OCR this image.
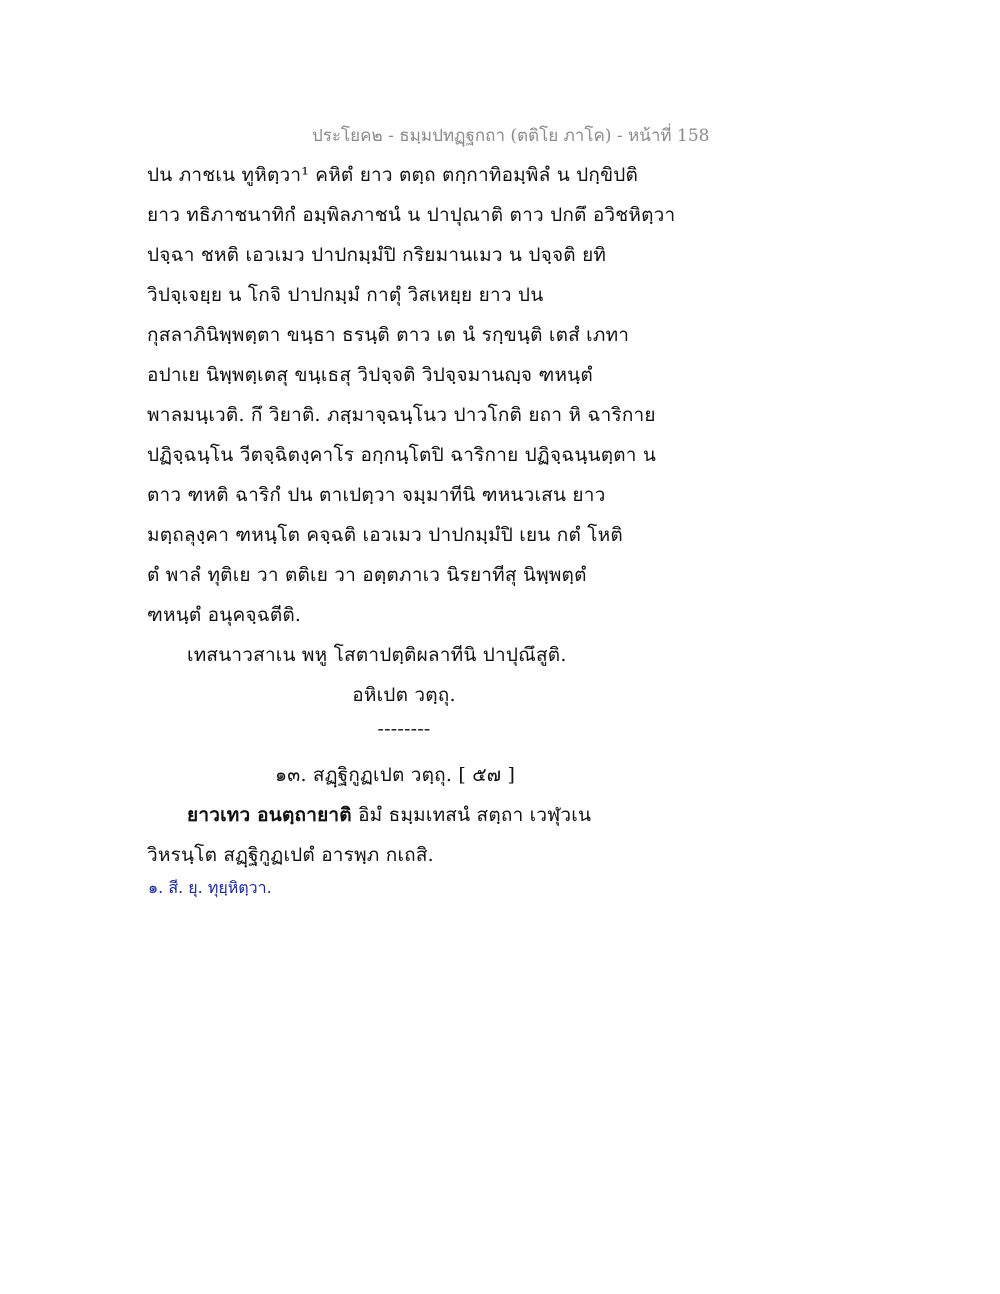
ประโยค๒ - ธมฺมปทฏฺฐกถา (ตติโย ภาโค) - หน้าที่ 158
ปน ภาชเน ทูหิตฺวา¹ คหิตํ ยาว ตตฺถ ตกฺกาทิอมฺพิลํ น ปกฺขิปติ
ยาว ทธิภาชนาทิกํ อมฺพิลภาชนํ น ปาปุณาติ ตาว ปกตึ อวิชหิตฺวา
ปจฺฉา ชหติ เอวเมว ปาปกมฺมํปิ กริยมานเมว น ปจฺจติ ยทิ
วิปจฺเจยฺย น โกจิ ปาปกมฺมํ กาตุํ วิสเหยฺย ยาว ปน
กุสลาภินิพฺพตฺตา ขนฺธา ธรนฺติ ตาว เต นํ รกฺขนฺติ เตสํ เภทา
อปาเย นิพฺพตฺเตสุ ขนฺเธสุ วิปจฺจติ วิปจฺจมานญฺจ ฑหนฺตํ
พาลมนฺเวติ. กึ วิยาติ. ภสฺมาจฺฉนฺโนว ปาวโกติ ยถา หิ ฉาริกาย
ปฏิจฺฉนฺโน วีตจฺฉิตงฺคาโร อกฺกนฺโตปิ ฉาริกาย ปฏิจฺฉนฺนตฺตา น
ตาว ฑหติ ฉาริกํ ปน ตาเปตฺวา จมฺมาทีนิ ฑหนวเสน ยาว
มตฺถลุงฺคา ฑหนฺโต คจฺฉติ เอวเมว ปาปกมฺมํปิ เยน กตํ โหติ
ตํ พาลํ ทุติเย วา ตติเย วา อตฺตภาเว นิรยาทีสุ นิพฺพตฺตํ
ฑหนฺตํ อนุคจฺฉตีติ.
เทสนาวสาเน พหู โสตาปตฺติผลาทีนิ ปาปุณึสูติ.
อหิเปต วตฺถุ.
--------
๑๓. สฏฺฐิกูฏเปต วตฺถุ. [ ๕๗ ]
ยาวเทว อนตฺถายาติ อิมํ ธมฺมเทสนํ สตฺถา เวฬุวเน
วิหรนฺโต สฏฺฐิกูฏเปตํ อารพฺภ กเถสิ.
๑. สี. ยุ. ทุยฺหิตฺวา.
